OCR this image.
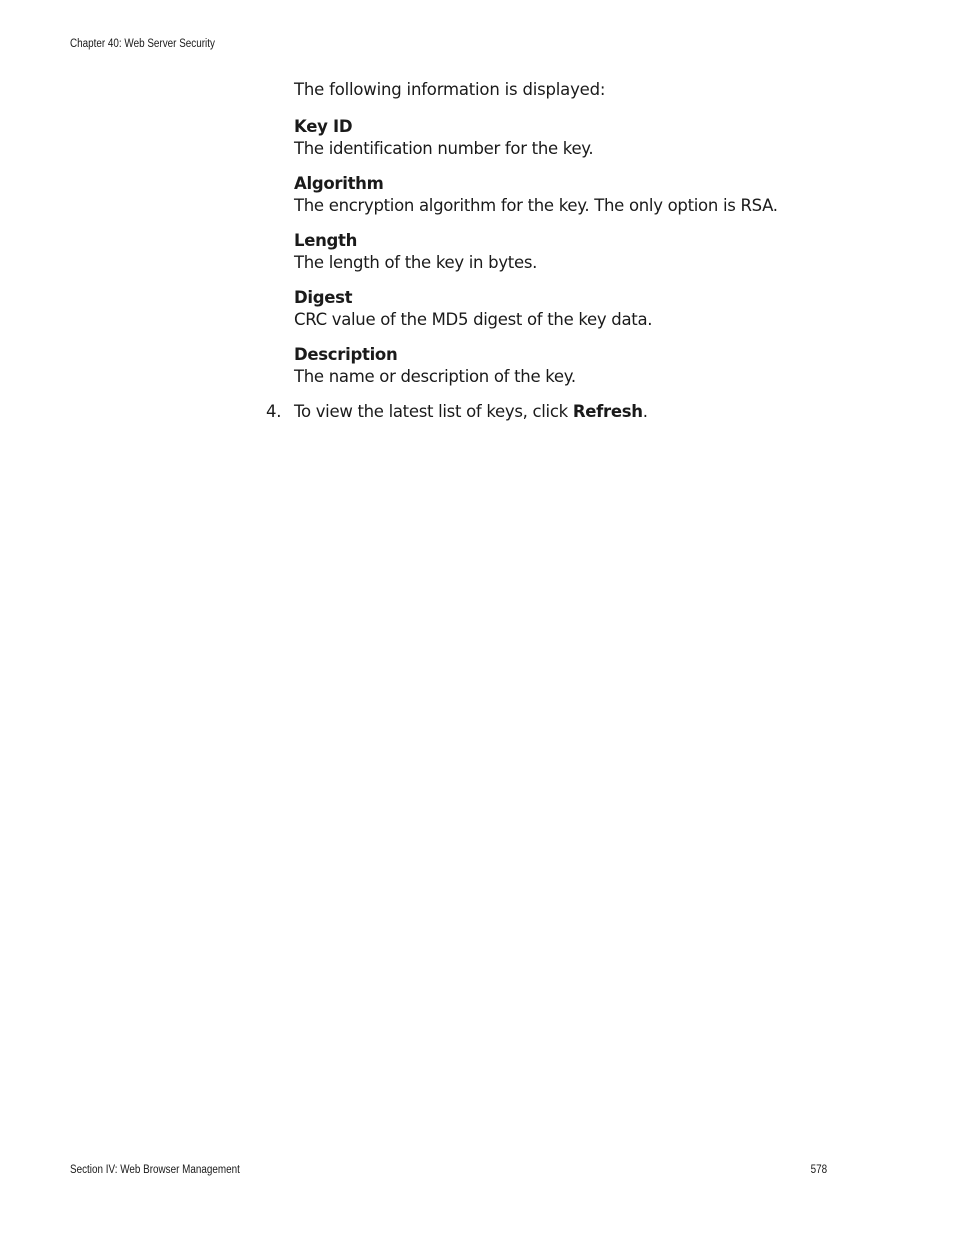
Chapter 40: Web Server Security

The following information is displayed:

Key ID
The identification number for the key.
Algorithm
The encryption algorithm for the key. The only option is RSA.
Length
The length of the key in bytes.
Digest
CRC value of the MD5 digest of the key data.
Description
The name or description of the key.
4. To view the latest list of keys, click Refresh.
Section IV: Web Browser Management	578
